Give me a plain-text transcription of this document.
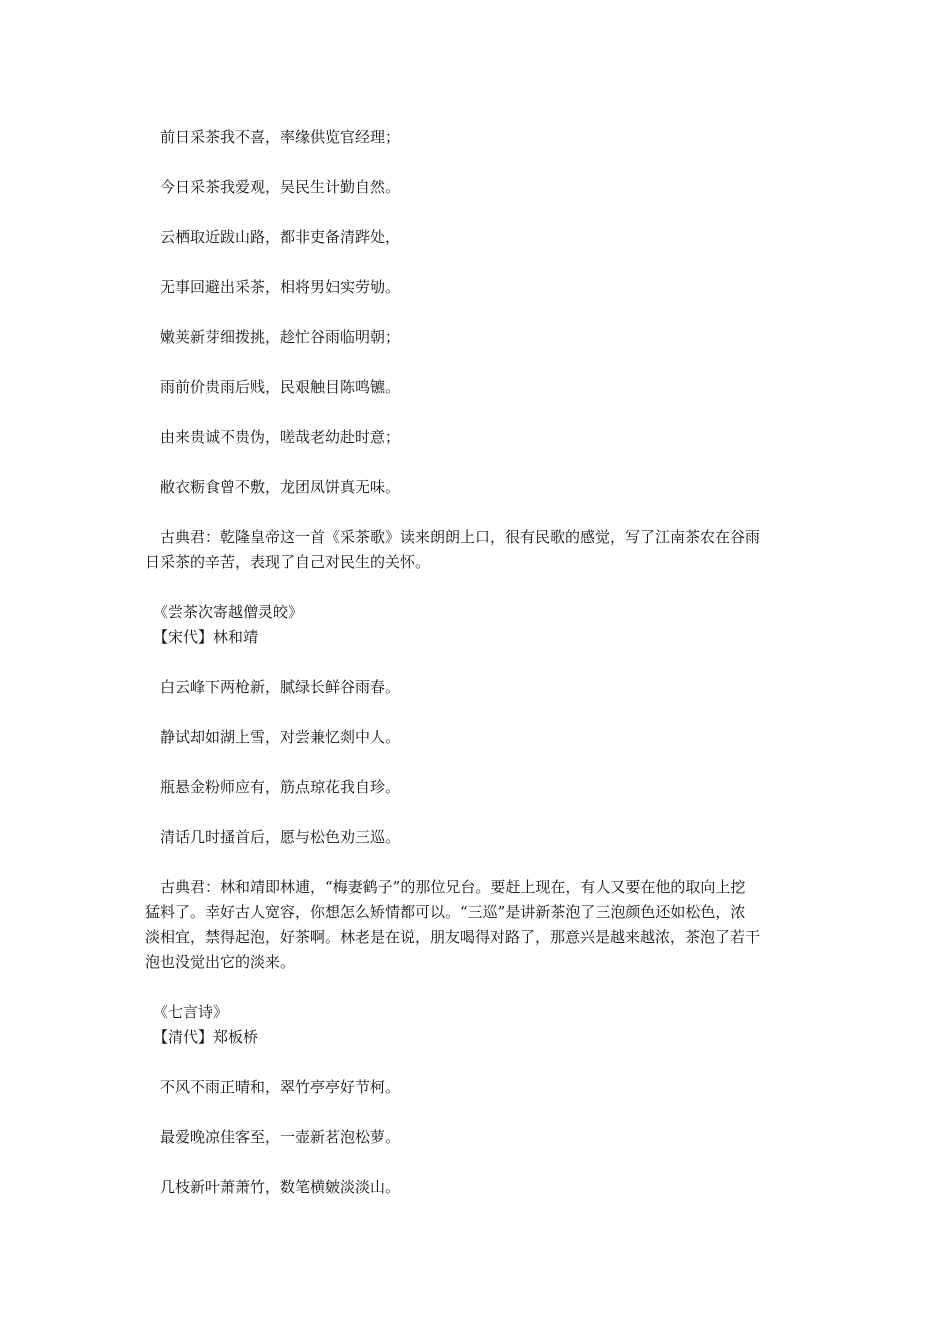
前日采茶我不喜，率缘供览官经理；
今日采茶我爱观，吴民生计勤自然。
云栖取近跋山路，都非吏备清跸处，
无事回避出采茶，相将男妇实劳劬。
嫩荚新芽细拨挑，趁忙谷雨临明朝；
雨前价贵雨后贱，民艰触目陈鸣镳。
由来贵诚不贵伪，嗟哉老幼赴时意；
敝衣粝食曾不敷，龙团凤饼真无味。
古典君：乾隆皇帝这一首《采茶歌》读来朗朗上口，很有民歌的感觉，写了江南茶农在谷雨
日采茶的辛苦，表现了自己对民生的关怀。
《尝茶次寄越僧灵皎》
【宋代】林和靖
白云峰下两枪新，腻绿长鲜谷雨春。
静试却如湖上雪，对尝兼忆剡中人。
瓶悬金粉师应有，筋点琼花我自珍。
清话几时搔首后，愿与松色劝三巡。
古典君：林和靖即林逋，“梅妻鹤子”的那位兄台。要赶上现在，有人又要在他的取向上挖
猛料了。幸好古人宽容，你想怎么矫情都可以。“三巡”是讲新茶泡了三泡颜色还如松色，浓
淡相宜，禁得起泡，好茶啊。林老是在说，朋友喝得对路了，那意兴是越来越浓，茶泡了若干
泡也没觉出它的淡来。
《七言诗》
【清代】郑板桥
不风不雨正晴和，翠竹亭亭好节柯。
最爱晚凉佳客至，一壶新茗泡松萝。
几枝新叶萧萧竹，数笔横皴淡淡山。
